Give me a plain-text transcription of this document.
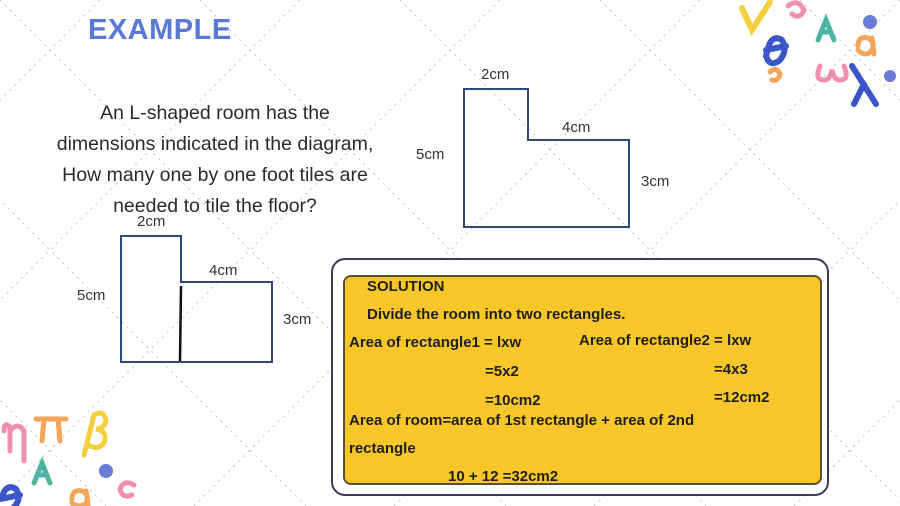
EXAMPLE
An L-shaped room has the
dimensions indicated in the diagram,
How many one by one foot tiles are
needed to tile the floor?
2cm
4cm
5cm
3cm
2cm
4cm
5cm
3cm
SOLUTION
Divide the room into two rectangles.
Area of rectangle1 = lxw	Area of rectangle2 = lxw
=5x2	=4x3
=10cm2	=12cm2
Area of room=area of 1st rectangle + area of 2nd
rectangle
10 + 12 =32cm2
